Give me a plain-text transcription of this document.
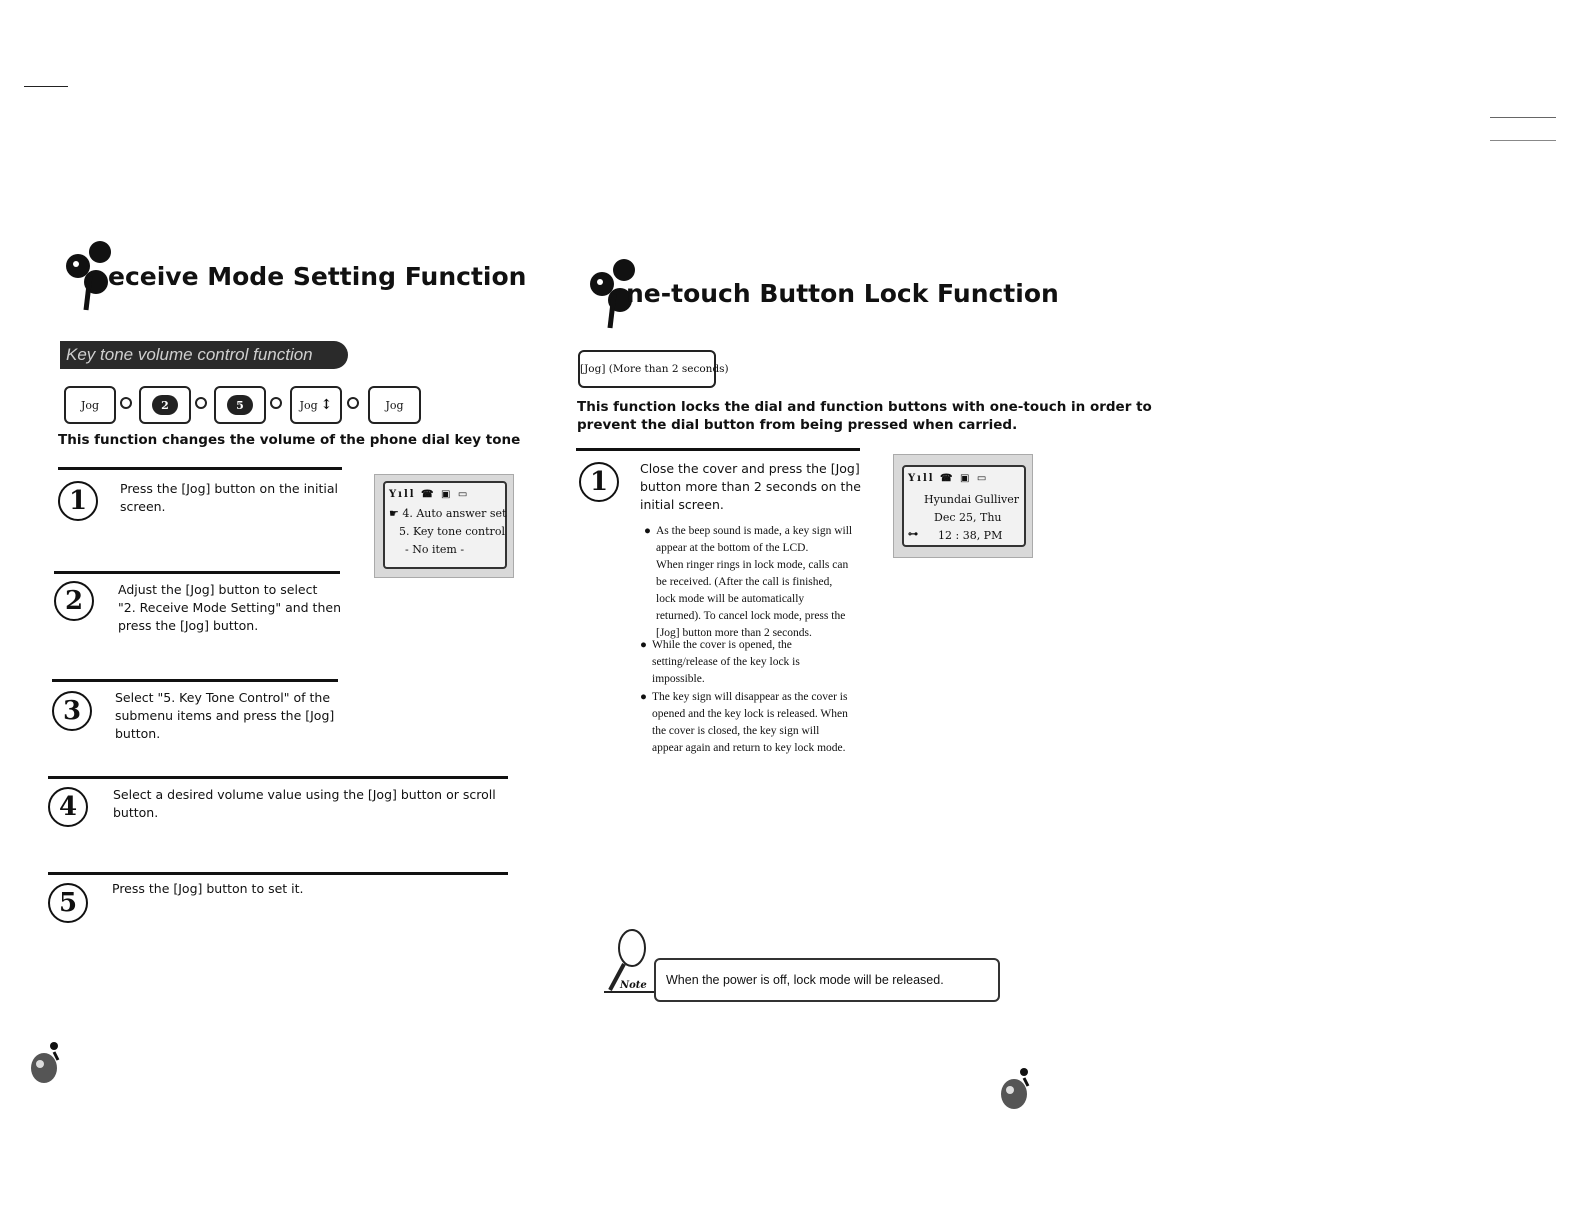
eceive Mode Setting Function
Key tone volume control function
Jog	2	5	Jog ↕	Jog
This function changes the volume of the phone dial key tone
1	Press the [Jog] button on the initial
screen.
Yıll ☎ ▣ ▭
☛ 4. Auto answer set
5. Key tone control
- No item -
2	Adjust the [Jog] button to select
"2. Receive Mode Setting" and then
press the [Jog] button.
3	Select "5. Key Tone Control" of the
submenu items and press the [Jog]
button.
4	Select a desired volume value using the [Jog] button or scroll
button.
5	Press the [Jog] button to set it.
ne-touch Button Lock Function
[Jog] (More than 2 seconds)
This function locks the dial and function buttons with one-touch in order to
prevent the dial button from being pressed when carried.
1	Close the cover and press the [Jog]
button more than 2 seconds on the
initial screen.
Yıll ☎ ▣ ▭
Hyundai Gulliver
Dec 25, Thu
⊶ 12 : 38, PM
● As the beep sound is made, a key sign will
appear at the bottom of the LCD.
When ringer rings in lock mode, calls can
be received. (After the call is finished,
lock mode will be automatically
returned). To cancel lock mode, press the
[Jog] button more than 2 seconds.
● While the cover is opened, the
setting/release of the key lock is
impossible.
● The key sign will disappear as the cover is
opened and the key lock is released. When
the cover is closed, the key sign will
appear again and return to key lock mode.
Note	When the power is off, lock mode will be released.
